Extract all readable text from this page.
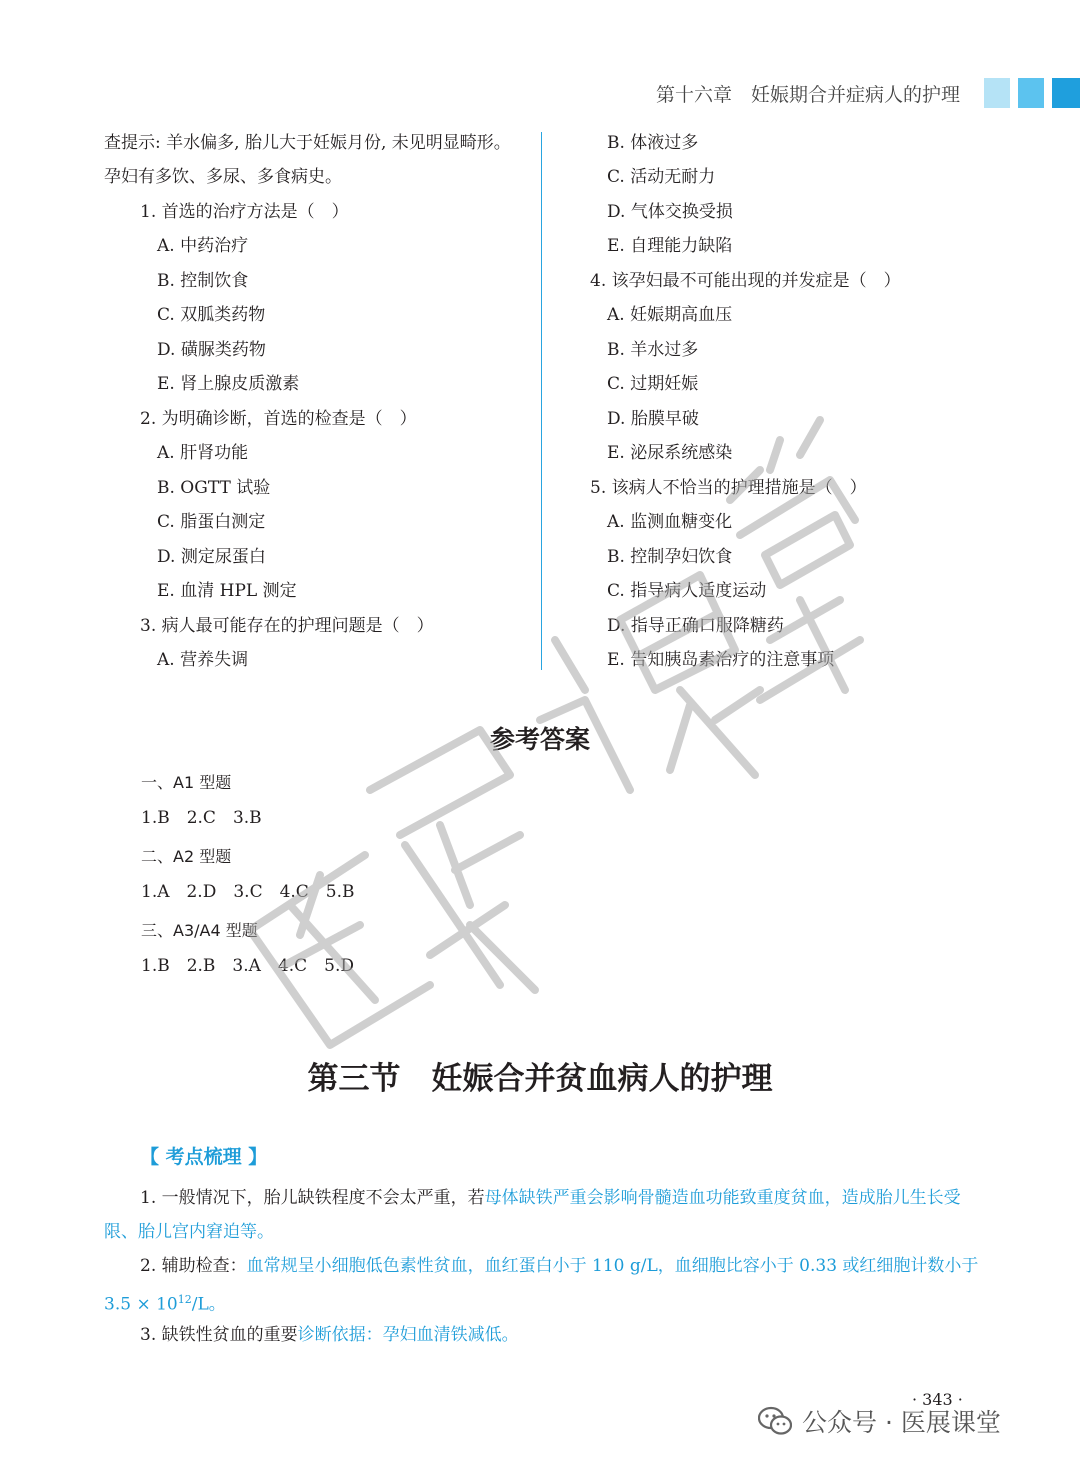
第十六章　妊娠期合并症病人的护理
查提示: 羊水偏多, 胎儿大于妊娠月份, 未见明显畸形。
孕妇有多饮、多尿、多食病史。
1. 首选的治疗方法是（　）
A. 中药治疗
B. 控制饮食
C. 双胍类药物
D. 磺脲类药物
E. 肾上腺皮质激素
2. 为明确诊断，首选的检查是（　）
A. 肝肾功能
B. OGTT 试验
C. 脂蛋白测定
D. 测定尿蛋白
E. 血清 HPL 测定
3. 病人最可能存在的护理问题是（　）
A. 营养失调
B. 体液过多
C. 活动无耐力
D. 气体交换受损
E. 自理能力缺陷
4. 该孕妇最不可能出现的并发症是（　）
A. 妊娠期高血压
B. 羊水过多
C. 过期妊娠
D. 胎膜早破
E. 泌尿系统感染
5. 该病人不恰当的护理措施是（　）
A. 监测血糖变化
B. 控制孕妇饮食
C. 指导病人适度运动
D. 指导正确口服降糖药
E. 告知胰岛素治疗的注意事项
参考答案
一、A1 型题
1.B　2.C　3.B
二、A2 型题
1.A　2.D　3.C　4.C　5.B
三、A3/A4 型题
1.B　2.B　3.A　4.C　5.D
第三节　妊娠合并贫血病人的护理
【 考点梳理 】
1. 一般情况下，胎儿缺铁程度不会太严重，若母体缺铁严重会影响骨髓造血功能致重度贫血，造成胎儿生长受限、胎儿宫内窘迫等。
2. 辅助检查：血常规呈小细胞低色素性贫血，血红蛋白小于 110 g/L，血细胞比容小于 0.33 或红细胞计数小于 $3.5 \times 10^{12}/L$。
3. 缺铁性贫血的重要诊断依据：孕妇血清铁减低。
· 343 ·
公众号 · 医展课堂
